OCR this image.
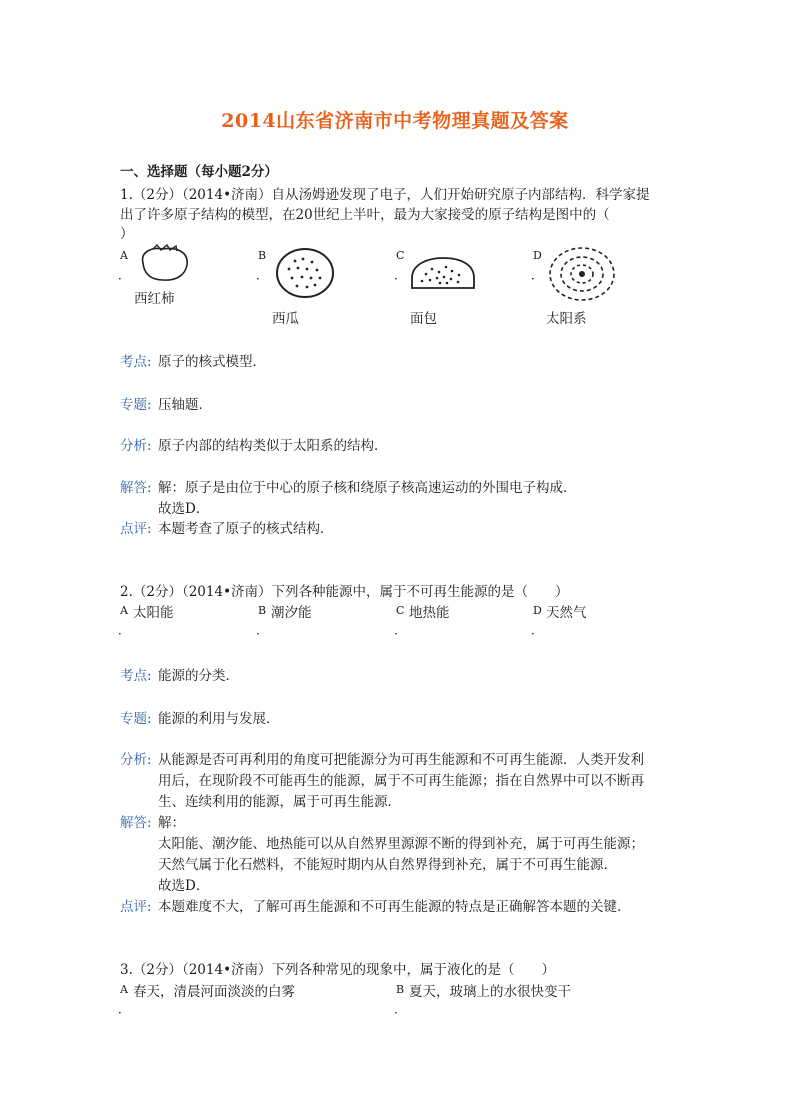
2014山东省济南市中考物理真题及答案
一、选择题（每小题2分）
1.（2分）（2014•济南）自从汤姆逊发现了电子，人们开始研究原子内部结构．科学家提
出了许多原子结构的模型，在20世纪上半叶，最为大家接受的原子结构是图中的（
）
A
．
西红柿
B
．
西瓜
C
．
面包
D
．
太阳系
考点: 原子的核式模型．
专题: 压轴题．
分析: 原子内部的结构类似于太阳系的结构．
解答: 解：原子是由位于中心的原子核和绕原子核高速运动的外围电子构成．
故选D．
点评: 本题考查了原子的核式结构．
2.（2分）（2014•济南）下列各种能源中，属于不可再生能源的是（　　）
A 太阳能
．
B 潮汐能
．
C 地热能
．
D 天然气
．
考点: 能源的分类．
专题: 能源的利用与发展．
分析: 从能源是否可再利用的角度可把能源分为可再生能源和不可再生能源．人类开发利
用后，在现阶段不可能再生的能源，属于不可再生能源；指在自然界中可以不断再
生、连续利用的能源，属于可再生能源．
解答: 解：
太阳能、潮汐能、地热能可以从自然界里源源不断的得到补充，属于可再生能源；
天然气属于化石燃料，不能短时期内从自然界得到补充，属于不可再生能源．
故选D．
点评: 本题难度不大，了解可再生能源和不可再生能源的特点是正确解答本题的关键．
3.（2分）（2014•济南）下列各种常见的现象中，属于液化的是（　　）
A 春天，清晨河面淡淡的白雾
．
B 夏天，玻璃上的水很快变干
．
